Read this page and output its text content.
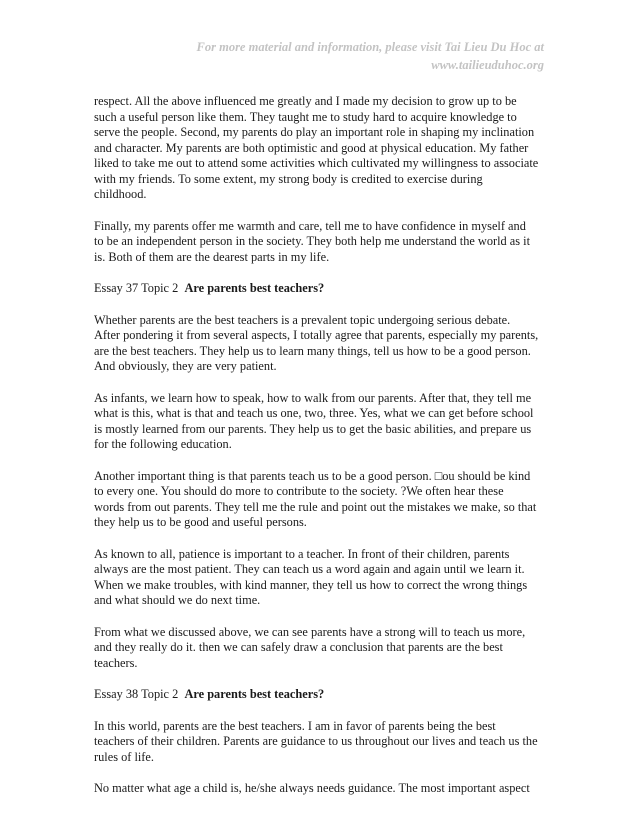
For more material and information, please visit Tai Lieu Du Hoc at
www.tailieuduhoc.org
respect. All the above influenced me greatly and I made my decision to grow up to be
such a useful person like them. They taught me to study hard to acquire knowledge to
serve the people. Second, my parents do play an important role in shaping my inclination
and character. My parents are both optimistic and good at physical education. My father
liked to take me out to attend some activities which cultivated my willingness to associate
with my friends. To some extent, my strong body is credited to exercise during
childhood.
Finally, my parents offer me warmth and care, tell me to have confidence in myself and
to be an independent person in the society. They both help me understand the world as it
is. Both of them are the dearest parts in my life.
Essay 37 Topic 2 Are parents best teachers?
Whether parents are the best teachers is a prevalent topic undergoing serious debate.
After pondering it from several aspects, I totally agree that parents, especially my parents,
are the best teachers. They help us to learn many things, tell us how to be a good person.
And obviously, they are very patient.
As infants, we learn how to speak, how to walk from our parents. After that, they tell me
what is this, what is that and teach us one, two, three. Yes, what we can get before school
is mostly learned from our parents. They help us to get the basic abilities, and prepare us
for the following education.
Another important thing is that parents teach us to be a good person. □ou should be kind
to every one. You should do more to contribute to the society. ?We often hear these
words from out parents. They tell me the rule and point out the mistakes we make, so that
they help us to be good and useful persons.
As known to all, patience is important to a teacher. In front of their children, parents
always are the most patient. They can teach us a word again and again until we learn it.
When we make troubles, with kind manner, they tell us how to correct the wrong things
and what should we do next time.
From what we discussed above, we can see parents have a strong will to teach us more,
and they really do it. then we can safely draw a conclusion that parents are the best
teachers.
Essay 38 Topic 2 Are parents best teachers?
In this world, parents are the best teachers. I am in favor of parents being the best
teachers of their children. Parents are guidance to us throughout our lives and teach us the
rules of life.
No matter what age a child is, he/she always needs guidance. The most important aspect
